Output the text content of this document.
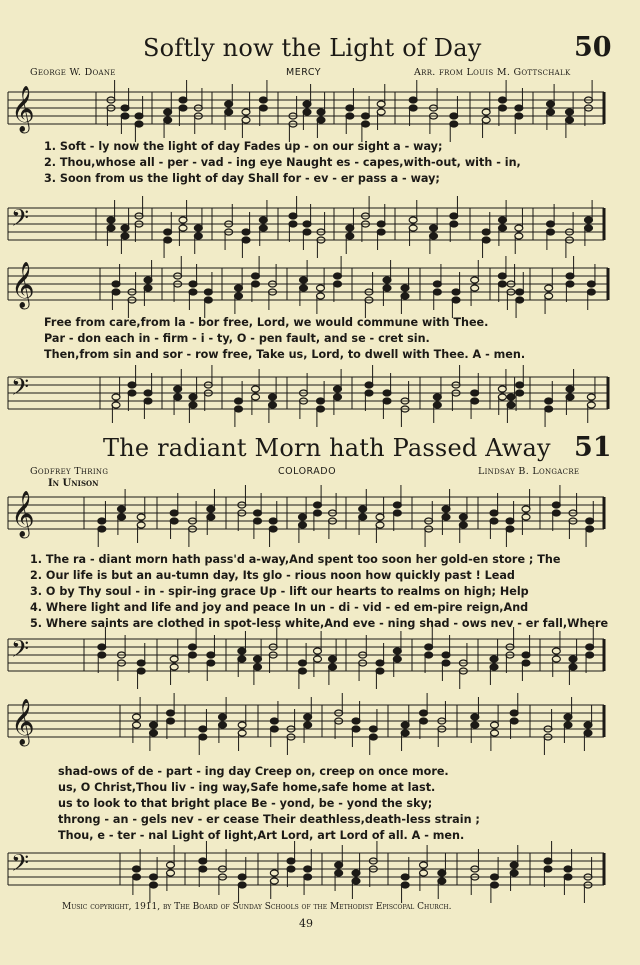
𝄞
𝄢
𝄞
𝄢
𝄞
𝄢
𝄞
𝄢
Softly now the Light of Day	50
George W. Doane	MERCY	Arr. from Louis M. Gottschalk
1. Soft - ly now the light of day Fades up - on our sight a - way;
2. Thou,whose all - per - vad - ing eye Naught es - capes,with-out, with - in,
3. Soon from us the light of day Shall for - ev - er pass a - way;
Free from care,from la - bor free, Lord, we would commune with Thee.
Par - don each in - firm - i - ty, O - pen fault, and se - cret sin.
Then,from sin and sor - row free, Take us, Lord, to dwell with Thee. A - men.
The radiant Morn hath Passed Away 51
Godfrey Thring	COLORADO	Lindsay B. Longacre
In Unison
1. The ra - diant morn hath pass'd a-way,And spent too soon her gold-en store ; The
2. Our life is but an au-tumn day, Its glo - rious noon how quickly past ! Lead
3. O by Thy soul - in - spir-ing grace Up - lift our hearts to realms on high; Help
4. Where light and life and joy and peace In un - di - vid - ed em-pire reign,And
5. Where saints are clothed in spot-less white,And eve - ning shad - ows nev - er fall,Where
shad-ows of de - part - ing day Creep on, creep on once more.
us, O Christ,Thou liv - ing way,Safe home,safe home at last.
us to look to that bright place Be - yond, be - yond the sky;
throng - an - gels nev - er cease Their deathless,death-less strain ;
Thou, e - ter - nal Light of light,Art Lord, art Lord of all. A - men.
Music copyright, 1911, by The Board of Sunday Schools of the Methodist Episcopal Church.
49
